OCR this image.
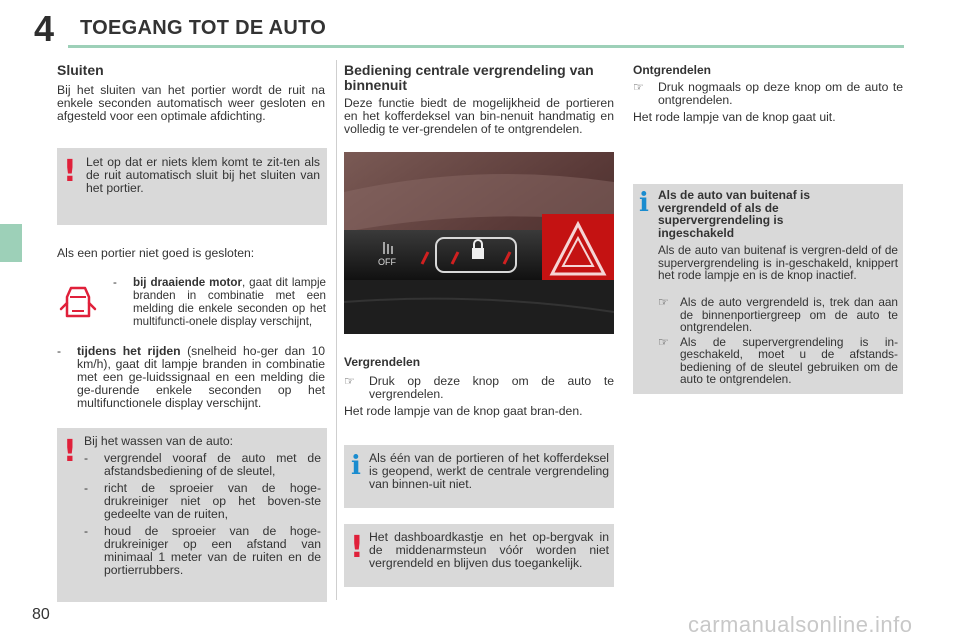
4 TOEGANG TOT DE AUTO
Sluiten

Bij het sluiten van het portier wordt de ruit na enkele seconden automatisch weer gesloten en afgesteld voor een optimale afdichting.

! Let op dat er niets klem komt te zit-ten als de ruit automatisch sluit bij het sluiten van het portier.

Als een portier niet goed is gesloten:

- bij draaiende motor, gaat dit lampje branden in combinatie met een melding die enkele seconden op het multifuncti-onele display verschijnt,
- tijdens het rijden (snelheid ho-ger dan 10 km/h), gaat dit lampje branden in combinatie met een ge-luidssignaal en een melding die ge-durende enkele seconden op het multifunctionele display verschijnt.
! Bij het wassen van de auto:
- vergrendel vooraf de auto met de afstandsbediening of de sleutel,
- richt de sproeier van de hoge-drukreiniger niet op het boven-ste gedeelte van de ruiten,
- houd de sproeier van de hoge-drukreiniger op een afstand van minimaal 1 meter van de ruiten en de portierrubbers.
Bediening centrale vergrendeling van binnenuit

Deze functie biedt de mogelijkheid de portieren en het kofferdeksel van bin-nenuit handmatig en volledig te ver-grendelen of te ontgrendelen.

OFF
Vergrendelen
☞ Druk op deze knop om de auto te vergrendelen.

Het rode lampje van de knop gaat bran-den.

i Als één van de portieren of het kofferdeksel is geopend, werkt de centrale vergrendeling van binnen-uit niet.
! Het dashboardkastje en het op-bergvak in de middenarmsteun vóór worden niet vergrendeld en blijven dus toegankelijk.
Ontgrendelen
☞ Druk nogmaals op deze knop om de auto te ontgrendelen.

Het rode lampje van de knop gaat uit.

i Als de auto van buitenaf is vergrendeld of als de supervergrendeling is ingeschakeld
Als de auto van buitenaf is vergren-deld of de supervergrendeling is in-geschakeld, knippert het rode lampje en is de knop inactief.
☞ Als de auto vergrendeld is, trek dan aan de binnenportiergreep om de auto te ontgrendelen.
☞ Als de supervergrendeling is in-geschakeld, moet u de afstands-bediening of de sleutel gebruiken om de auto te ontgrendelen.
80	carmanualsonline.info
